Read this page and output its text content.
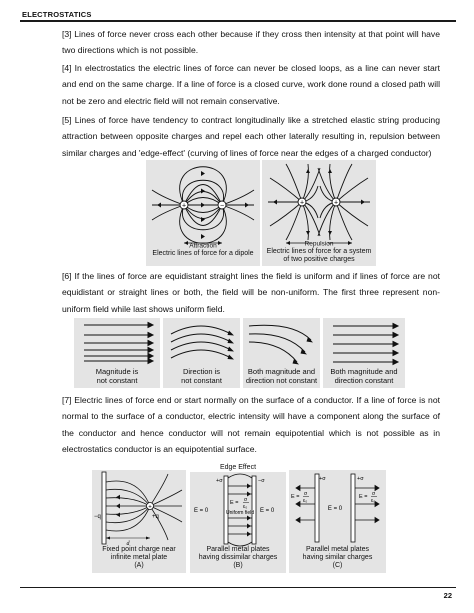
ELECTROSTATICS

[3] Lines of force never cross each other because if they cross then intensity at that point will have two directions which is not possible.

[4] In electrostatics the electric lines of force can never be closed loops, as a line can never start and end on the same charge. If a line of force is a closed curve, work done round a closed path will not be zero and electric field will not remain conservative.

[5] Lines of force have tendency to contract longitudinally like a stretched elastic string producing attraction between opposite charges and repel each other laterally resulting in, repulsion between similar charges and 'edge-effect' (curving of lines of force near the edges of a charged conductor)

+	−
Attraction
Electric lines of force for a dipole
+	+
Repulsion
Electric lines of force for a system
of two positive charges

[6] If the lines of force are equidistant straight lines the field is uniform and if lines of force are not equidistant or straight lines or both, the field will be non-uniform. The first three represent non-uniform field while last shows uniform field.

Magnitude is
not constant
Direction is
not constant
Both magnitude and
direction not constant
Both magnitude and
direction constant

[7] Electric lines of force end or start normally on the surface of a conductor. If a line of force is not normal to the surface of a conductor, electric intensity will have a component along the surface of the conductor and hence conductor will not remain equipotential which is not possible as in electrostatics conductor is an equipotential surface.

+
+q
−q
d
Fixed point charge near
infinite metal plate
(A)
Edge Effect
+σ	−σ
E = 0	E = 0
E = σ
ε₀
Uniform field
Parallel metal plates
having dissimilar charges
(B)
+σ	+σ
E = σ
ε₀
E = 0
E = σ
ε₀
Parallel metal plates
having similar charges
(C)
22
